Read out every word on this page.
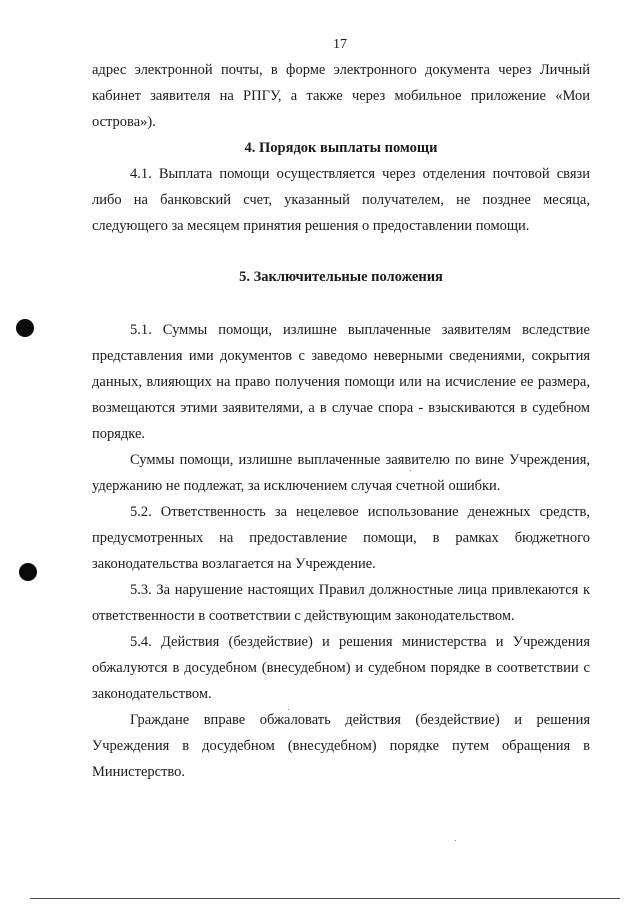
17

адрес электронной почты, в форме электронного документа через Личный кабинет заявителя на РПГУ, а также через мобильное приложение «Мои острова»).

4. Порядок выплаты помощи

4.1. Выплата помощи осуществляется через отделения почтовой связи либо на банковский счет, указанный получателем, не позднее месяца, следующего за месяцем принятия решения о предоставлении помощи.

5. Заключительные положения

5.1. Суммы помощи, излишне выплаченные заявителям вследствие представления ими документов с заведомо неверными сведениями, сокрытия данных, влияющих на право получения помощи или на исчисление ее размера, возмещаются этими заявителями, а в случае спора - взыскиваются в судебном порядке.

Суммы помощи, излишне выплаченные заявителю по вине Учреждения, удержанию не подлежат, за исключением случая счетной ошибки.

5.2. Ответственность за нецелевое использование денежных средств, предусмотренных на предоставление помощи, в рамках бюджетного законодательства возлагается на Учреждение.

5.3. За нарушение настоящих Правил должностные лица привлекаются к ответственности в соответствии с действующим законодательством.

5.4. Действия (бездействие) и решения министерства и Учреждения обжалуются в досудебном (внесудебном) и судебном порядке в соответствии с законодательством.

Граждане вправе обжаловать действия (бездействие) и решения Учреждения в досудебном (внесудебном) порядке путем обращения в Министерство.
